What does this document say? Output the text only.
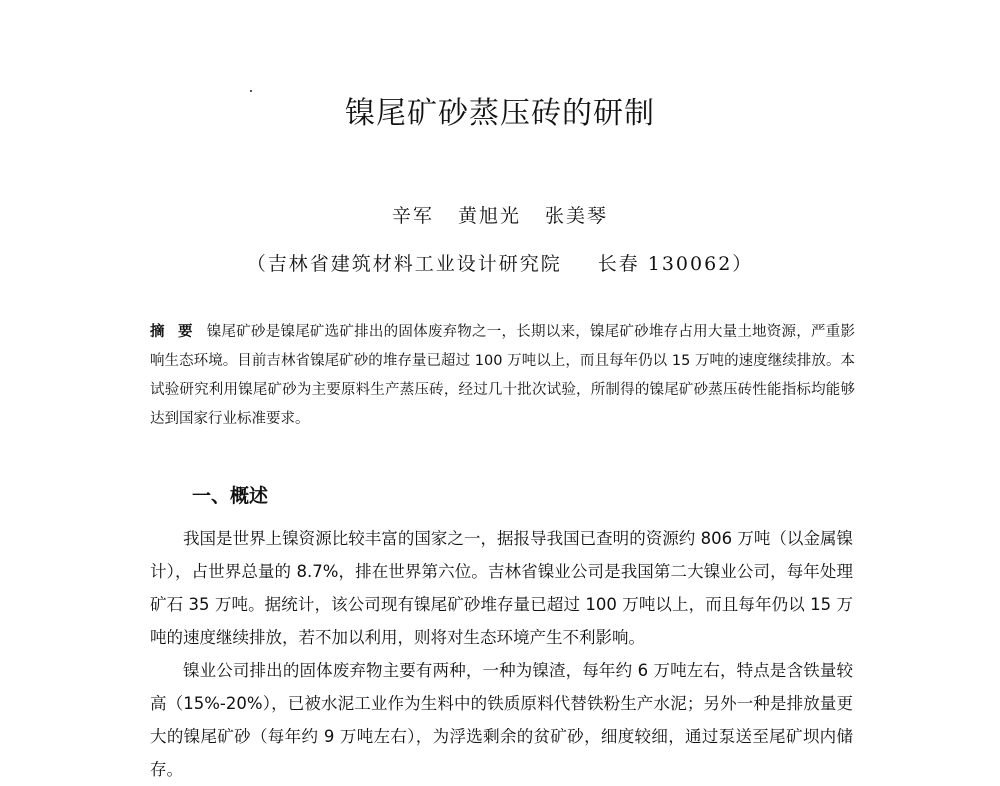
镍尾矿砂蒸压砖的研制
辛军 黄旭光 张美琴
（吉林省建筑材料工业设计研究院 长春 130062）
摘 要 镍尾矿砂是镍尾矿选矿排出的固体废弃物之一，长期以来，镍尾矿砂堆存占用大量土地资源，严重影响生态环境。目前吉林省镍尾矿砂的堆存量已超过 100 万吨以上，而且每年仍以 15 万吨的速度继续排放。本试验研究利用镍尾矿砂为主要原料生产蒸压砖，经过几十批次试验，所制得的镍尾矿砂蒸压砖性能指标均能够达到国家行业标准要求。
一、概述

我国是世界上镍资源比较丰富的国家之一，据报导我国已查明的资源约 806 万吨（以金属镍计），占世界总量的 8.7%，排在世界第六位。吉林省镍业公司是我国第二大镍业公司，每年处理矿石 35 万吨。据统计，该公司现有镍尾矿砂堆存量已超过 100 万吨以上，而且每年仍以 15 万吨的速度继续排放，若不加以利用，则将对生态环境产生不利影响。

镍业公司排出的固体废弃物主要有两种，一种为镍渣，每年约 6 万吨左右，特点是含铁量较高（15%-20%），已被水泥工业作为生料中的铁质原料代替铁粉生产水泥；另外一种是排放量更大的镍尾矿砂（每年约 9 万吨左右），为浮选剩余的贫矿砂，细度较细，通过泵送至尾矿坝内储存。
